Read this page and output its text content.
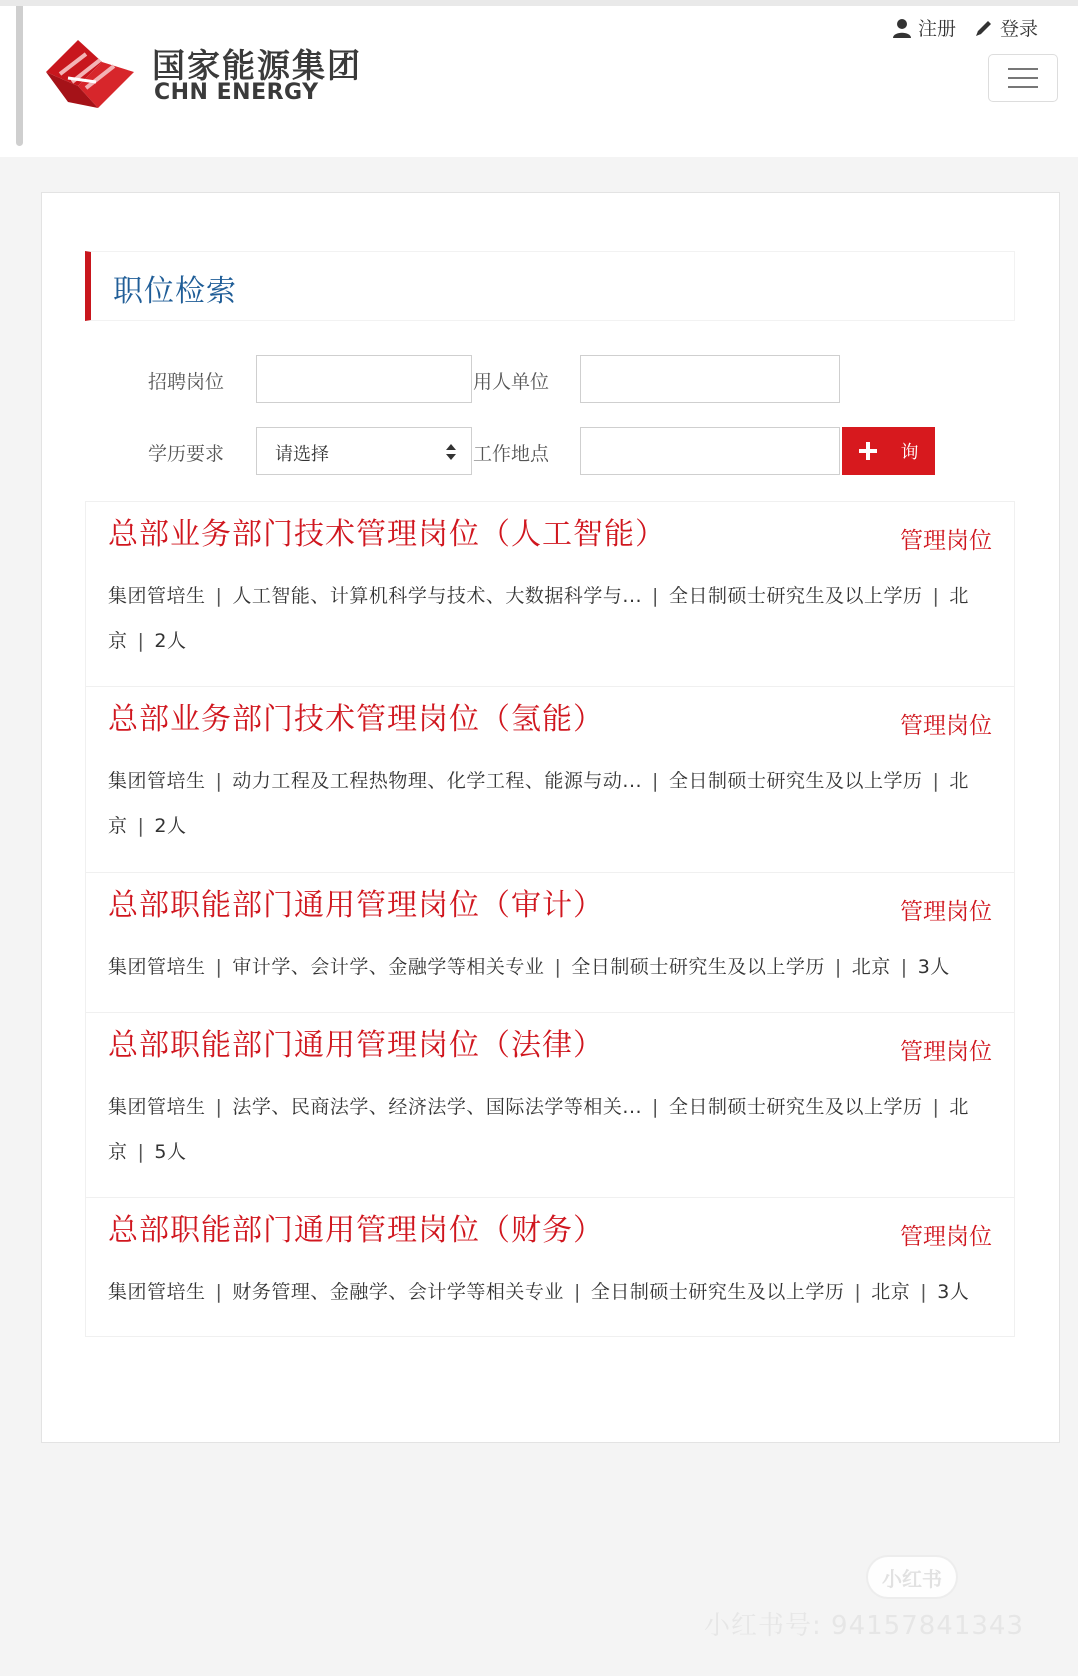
国家能源集团
CHN ENERGY
注册 登录
职位检索
招聘岗位	用人单位
学历要求	请选择	工作地点	询
总部业务部门技术管理岗位（人工智能）	管理岗位
集团管培生 | 人工智能、计算机科学与技术、大数据科学与... | 全日制硕士研究生及以上学历 | 北京 | 2人
总部业务部门技术管理岗位（氢能）	管理岗位
集团管培生 | 动力工程及工程热物理、化学工程、能源与动... | 全日制硕士研究生及以上学历 | 北京 | 2人
总部职能部门通用管理岗位（审计）	管理岗位
集团管培生 | 审计学、会计学、金融学等相关专业 | 全日制硕士研究生及以上学历 | 北京 | 3人
总部职能部门通用管理岗位（法律）	管理岗位
集团管培生 | 法学、民商法学、经济法学、国际法学等相关... | 全日制硕士研究生及以上学历 | 北京 | 5人
总部职能部门通用管理岗位（财务）	管理岗位
集团管培生 | 财务管理、金融学、会计学等相关专业 | 全日制硕士研究生及以上学历 | 北京 | 3人
小红书
小红书号: 94157841343
